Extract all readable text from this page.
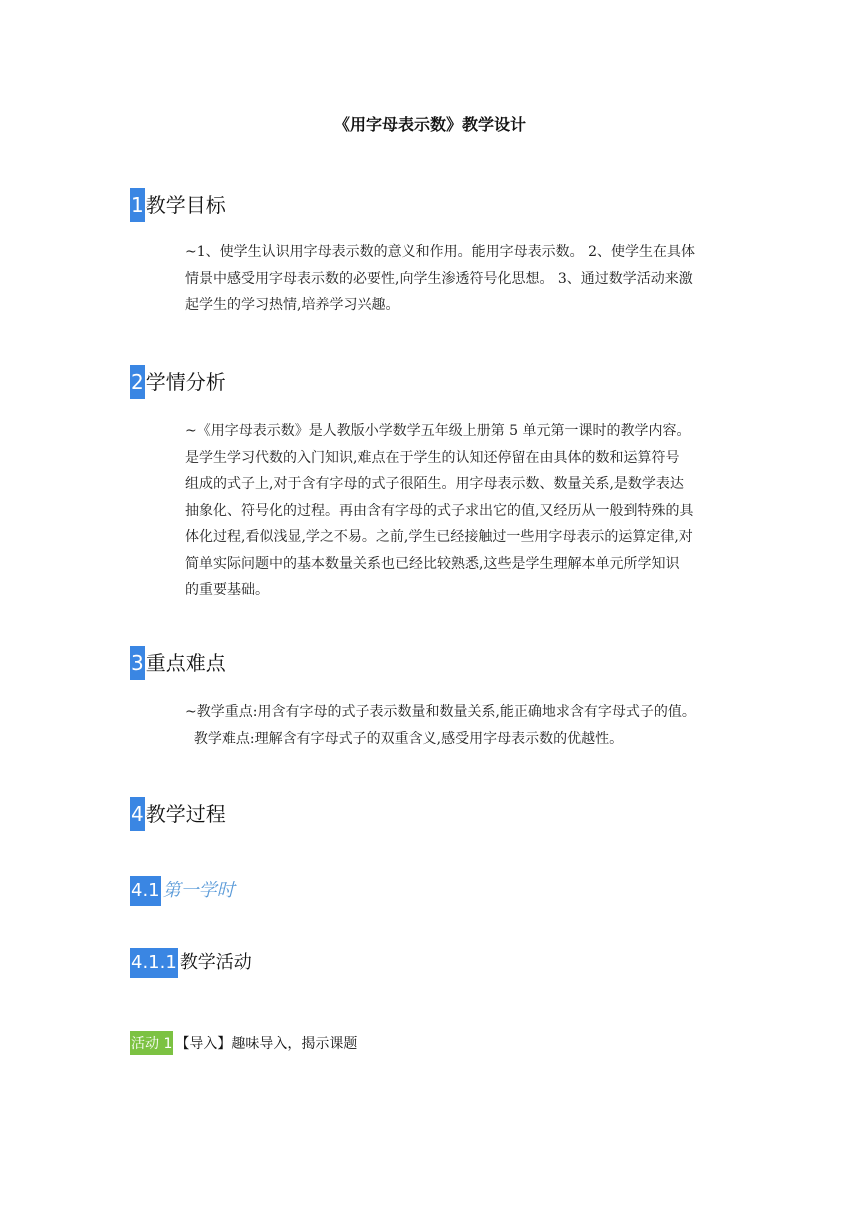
《用字母表示数》教学设计
1 教学目标

~1、使学生认识用字母表示数的意义和作用。能用字母表示数。 2、使学生在具体

情景中感受用字母表示数的必要性,向学生渗透符号化思想。 3、通过数学活动来激

起学生的学习热情,培养学习兴趣。

2 学情分析

~《用字母表示数》是人教版小学数学五年级上册第 5 单元第一课时的教学内容。

是学生学习代数的入门知识,难点在于学生的认知还停留在由具体的数和运算符号

组成的式子上,对于含有字母的式子很陌生。用字母表示数、数量关系,是数学表达

抽象化、符号化的过程。再由含有字母的式子求出它的值,又经历从一般到特殊的具

体化过程,看似浅显,学之不易。之前,学生已经接触过一些用字母表示的运算定律,对

简单实际问题中的基本数量关系也已经比较熟悉,这些是学生理解本单元所学知识

的重要基础。

3 重点难点

~教学重点:用含有字母的式子表示数量和数量关系,能正确地求含有字母式子的值。

教学难点:理解含有字母式子的双重含义,感受用字母表示数的优越性。

4 教学过程
4.1 第一学时
4.1.1 教学活动
活动 1 【导入】趣味导入，揭示课题
